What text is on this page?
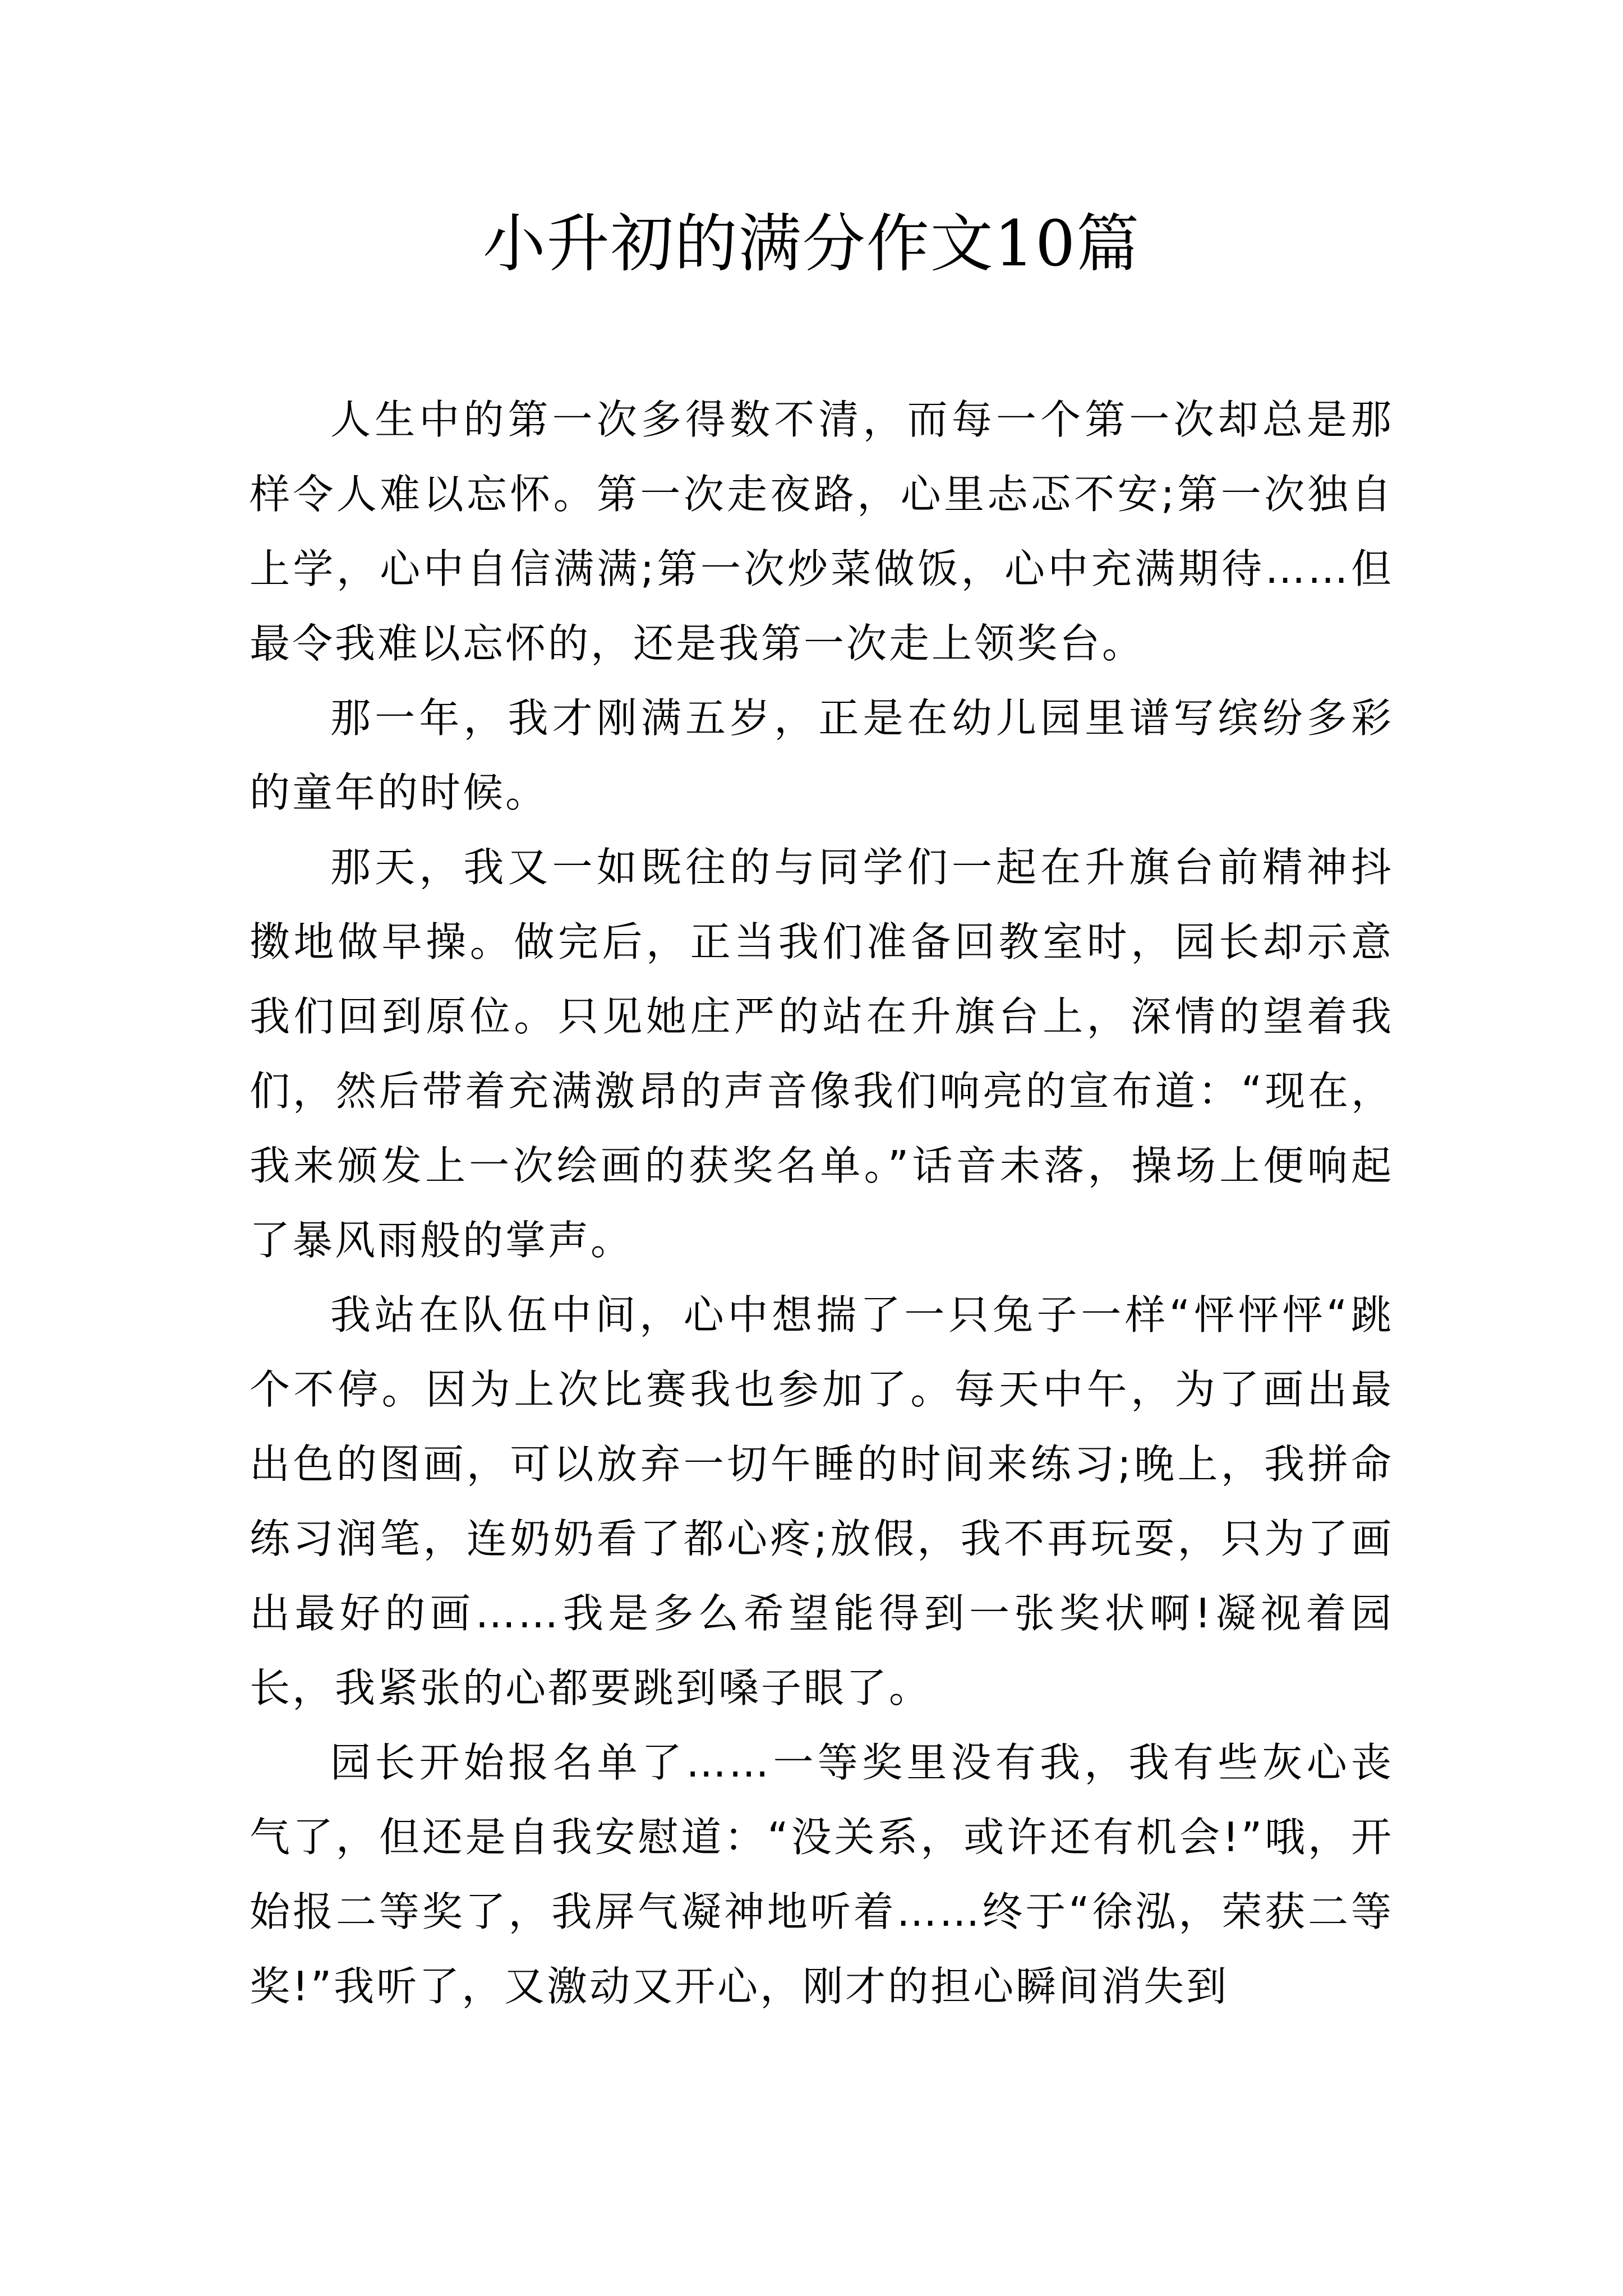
小升初的满分作文10篇

人生中的第一次多得数不清，而每一个第一次却总是那样令人难以忘怀。第一次走夜路，心里忐忑不安;第一次独自上学，心中自信满满;第一次炒菜做饭，心中充满期待……但最令我难以忘怀的，还是我第一次走上领奖台。

那一年，我才刚满五岁，正是在幼儿园里谱写缤纷多彩的童年的时候。

那天，我又一如既往的与同学们一起在升旗台前精神抖擞地做早操。做完后，正当我们准备回教室时，园长却示意我们回到原位。只见她庄严的站在升旗台上，深情的望着我们，然后带着充满激昂的声音像我们响亮的宣布道：“现在，我来颁发上一次绘画的获奖名单。”话音未落，操场上便响起了暴风雨般的掌声。

我站在队伍中间，心中想揣了一只兔子一样“怦怦怦“跳个不停。因为上次比赛我也参加了。每天中午，为了画出最出色的图画，可以放弃一切午睡的时间来练习;晚上，我拼命练习润笔，连奶奶看了都心疼;放假，我不再玩耍，只为了画出最好的画……我是多么希望能得到一张奖状啊!凝视着园长，我紧张的心都要跳到嗓子眼了。

园长开始报名单了……一等奖里没有我，我有些灰心丧气了，但还是自我安慰道：“没关系，或许还有机会!”哦，开始报二等奖了，我屏气凝神地听着……终于“徐泓，荣获二等奖!”我听了，又激动又开心，刚才的担心瞬间消失到
